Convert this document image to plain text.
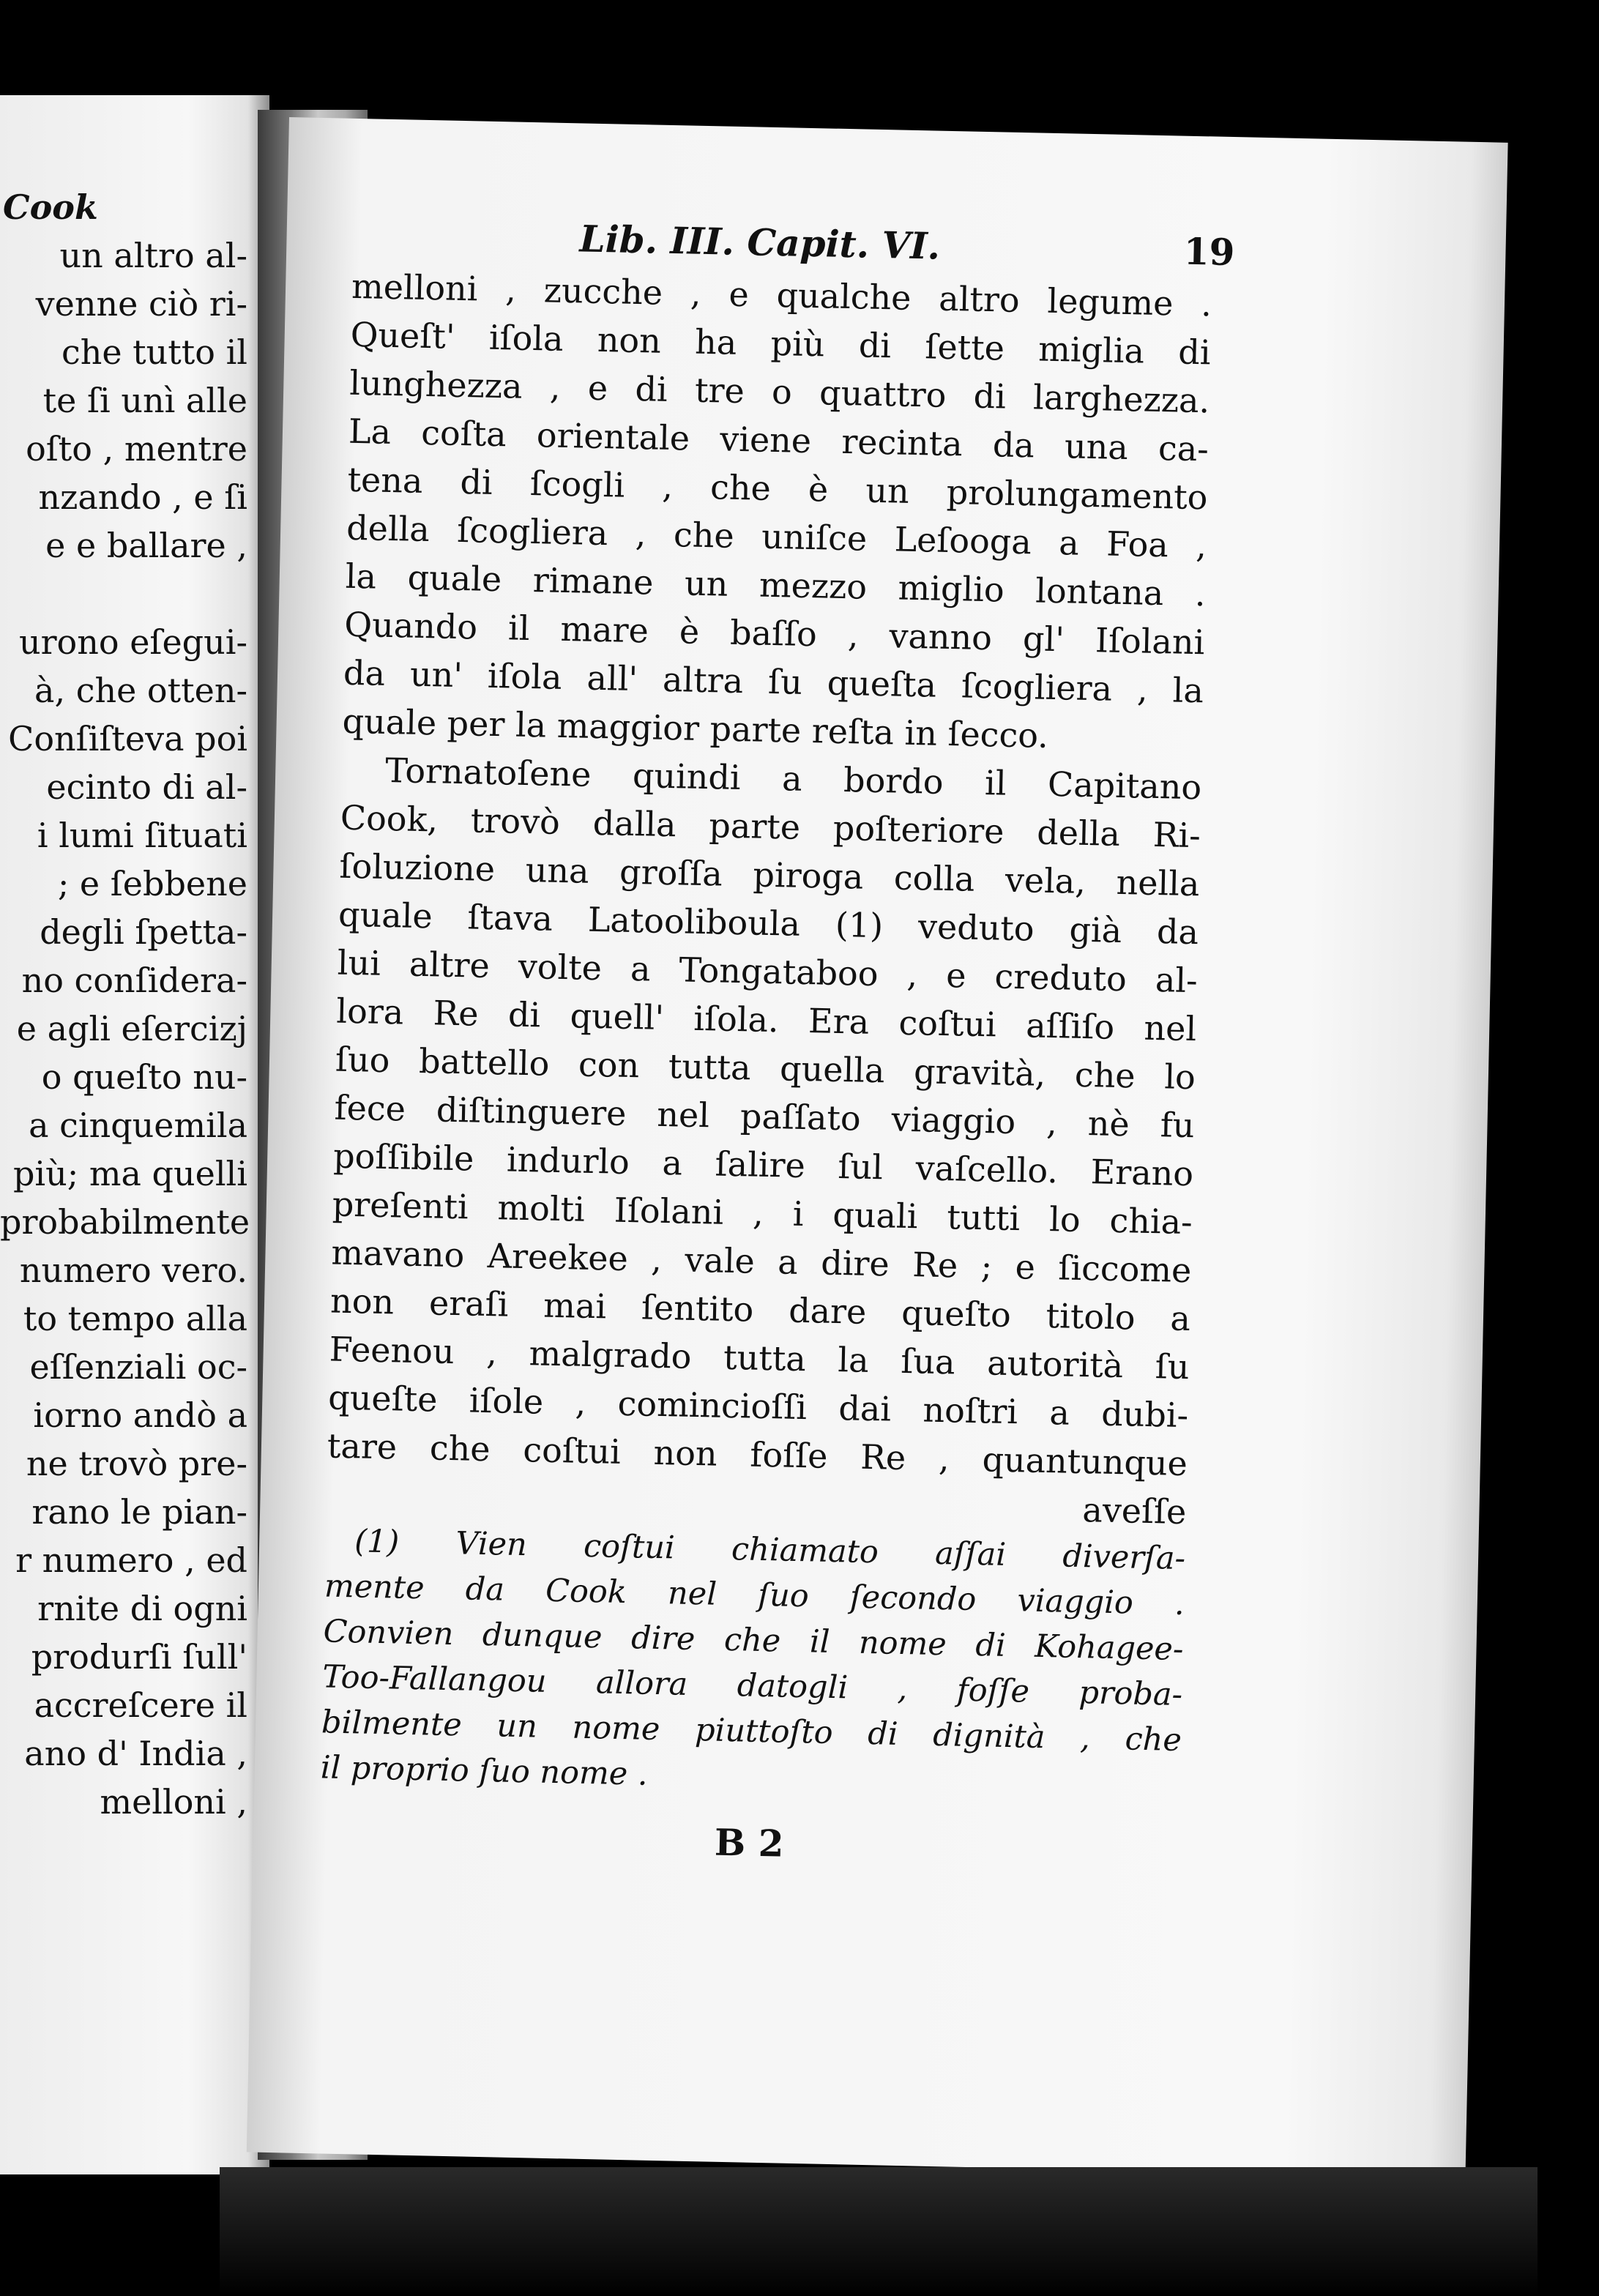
Cook
un altro al-
venne ciò ri-
che tutto il
te ſi unì alle
oſto , mentre
nzando , e ſi
e e ballare ,
urono eſegui-
à, che otten-
Conſiſteva poi
ecinto di al-
i lumi ſituati
; e ſebbene
degli ſpetta-
no conſidera-
e agli eſercizj
o queſto nu-
a cinquemila
più; ma quelli
probabilmente
numero vero.
to tempo alla
eſſenziali oc-
iorno andò a
ne trovò pre-
rano le pian-
r numero , ed
rnite di ogni
produrſi ſull'
accreſcere il
ano d' India ,
melloni ,
Lib. III. Capit. VI.	19
melloni , zucche , e qualche altro legume .
Queſt' iſola non ha più di ſette miglia di
lunghezza , e di tre o quattro di larghezza.
La coſta orientale viene recinta da una ca-
tena di ſcogli , che è un prolungamento
della ſcogliera , che uniſce Leſooga a Foa ,
la quale rimane un mezzo miglio lontana .
Quando il mare è baſſo , vanno gl' Iſolani
da un' iſola all' altra ſu queſta ſcogliera , la
quale per la maggior parte reſta in ſecco.
Tornatoſene quindi a bordo il Capitano
Cook, trovò dalla parte poſteriore della Ri-
ſoluzione una groſſa piroga colla vela, nella
quale ſtava Latooliboula (1) veduto già da
lui altre volte a Tongataboo , e creduto al-
lora Re di quell' iſola. Era coſtui aſſiſo nel
ſuo battello con tutta quella gravità, che lo
fece diſtinguere nel paſſato viaggio , nè fu
poſſibile indurlo a ſalire ſul vaſcello. Erano
preſenti molti Iſolani , i quali tutti lo chia-
mavano Areekee , vale a dire Re ; e ſiccome
non eraſi mai ſentito dare queſto titolo a
Feenou , malgrado tutta la ſua autorità ſu
queſte iſole , comincioſſi dai noſtri a dubi-
tare che coſtui non foſſe Re , quantunque
aveſſe
(1) Vien coſtui chiamato aſſai diverſa-
mente da Cook nel ſuo ſecondo viaggio .
Convien dunque dire che il nome di Kohagee-
Too-Fallangou allora datogli , foſſe proba-
bilmente un nome piuttoſto di dignità , che
il proprio ſuo nome .
B 2
